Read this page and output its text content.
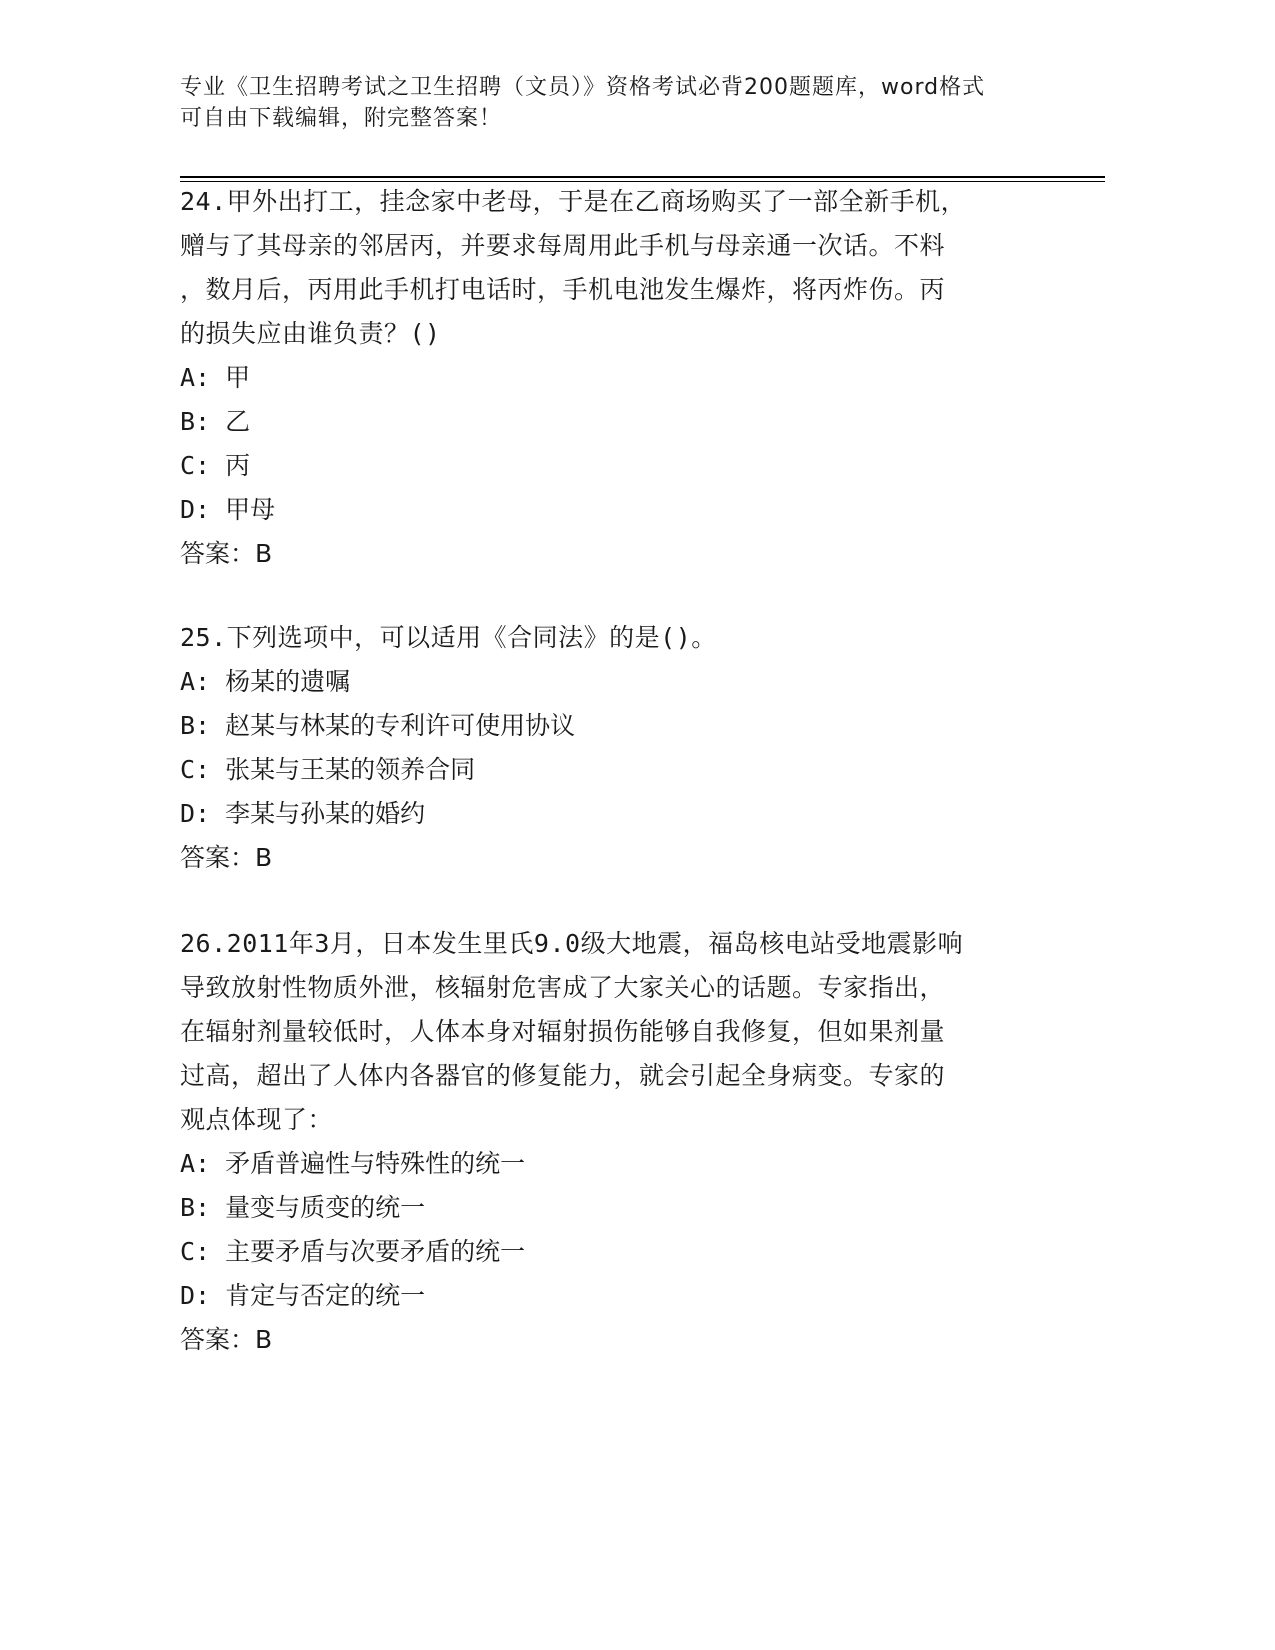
专业《卫生招聘考试之卫生招聘（文员）》资格考试必背200题题库，word格式
可自由下载编辑，附完整答案！
24.甲外出打工，挂念家中老母，于是在乙商场购买了一部全新手机，
赠与了其母亲的邻居丙，并要求每周用此手机与母亲通一次话。不料
，数月后，丙用此手机打电话时，手机电池发生爆炸，将丙炸伤。丙
的损失应由谁负责？()
A: 甲
B: 乙
C: 丙
D: 甲母
答案：B
25.下列选项中，可以适用《合同法》的是()。
A: 杨某的遗嘱
B: 赵某与林某的专利许可使用协议
C: 张某与王某的领养合同
D: 李某与孙某的婚约
答案：B
26.2011年3月，日本发生里氏9.0级大地震，福岛核电站受地震影响
导致放射性物质外泄，核辐射危害成了大家关心的话题。专家指出，
在辐射剂量较低时，人体本身对辐射损伤能够自我修复，但如果剂量
过高，超出了人体内各器官的修复能力，就会引起全身病变。专家的
观点体现了：
A: 矛盾普遍性与特殊性的统一
B: 量变与质变的统一
C: 主要矛盾与次要矛盾的统一
D: 肯定与否定的统一
答案：B
